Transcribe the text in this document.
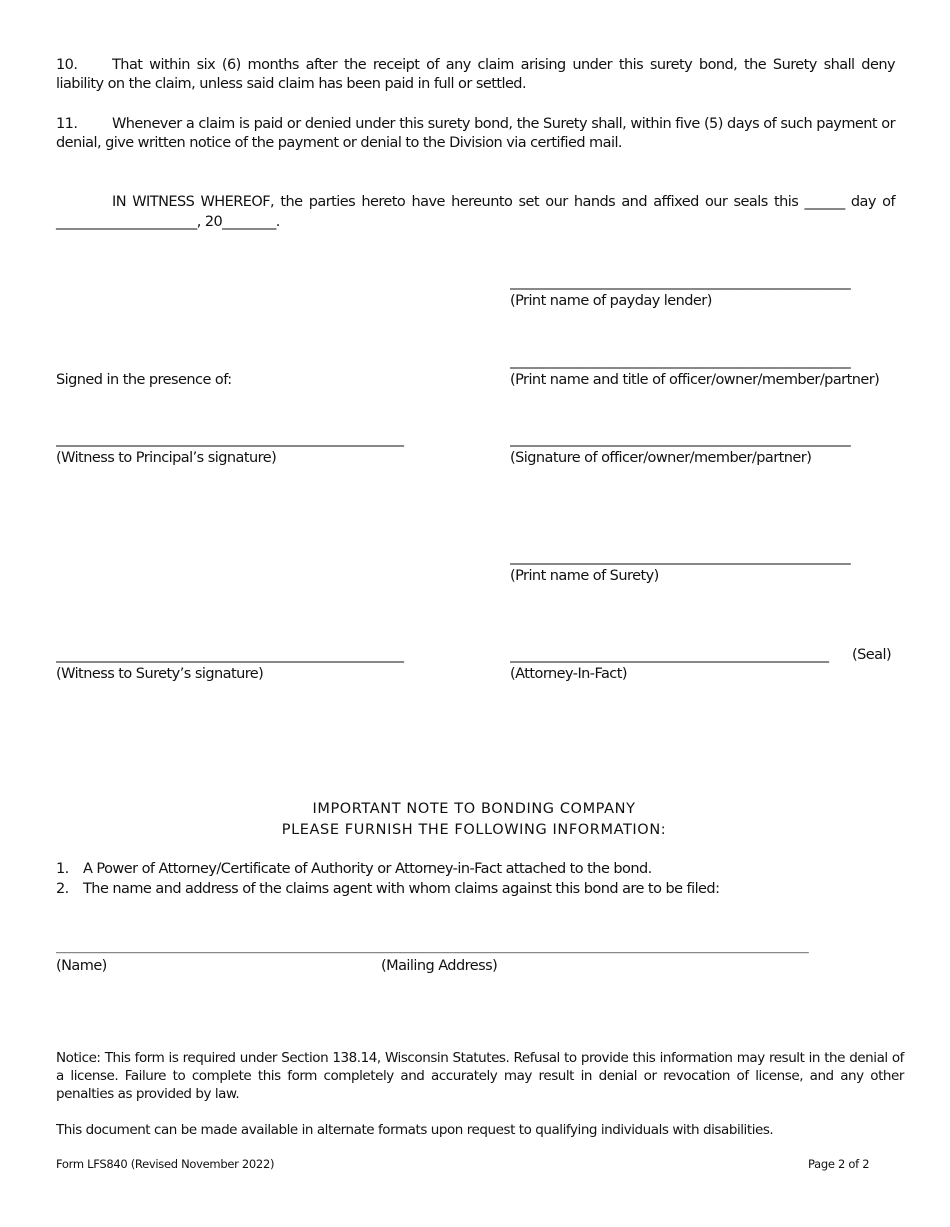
10. That within six (6) months after the receipt of any claim arising under this surety bond, the Surety shall deny liability on the claim, unless said claim has been paid in full or settled.
11. Whenever a claim is paid or denied under this surety bond, the Surety shall, within five (5) days of such payment or denial, give written notice of the payment or denial to the Division via certified mail.
IN WITNESS WHEREOF, the parties hereto have hereunto set our hands and affixed our seals this ______ day of
_____________________, 20________.
_______________________________________________
(Print name of payday lender)
_______________________________________________
(Print name and title of officer/owner/member/partner)
Signed in the presence of:
________________________________________________
(Witness to Principal’s signature)
_______________________________________________
(Signature of officer/owner/member/partner)
_______________________________________________
(Print name of Surety)
________________________________________________
(Witness to Surety’s signature)
____________________________________________	(Seal)
(Attorney-In-Fact)
IMPORTANT NOTE TO BONDING COMPANY
PLEASE FURNISH THE FOLLOWING INFORMATION:
1. A Power of Attorney/Certificate of Authority or Attorney-in-Fact attached to the bond.
2. The name and address of the claims agent with whom claims against this bond are to be filed:
_______________________________________________________________________________________________________________________________________________________________________________
(Name)	(Mailing Address)
Notice: This form is required under Section 138.14, Wisconsin Statutes. Refusal to provide this information may result in the denial of a license. Failure to complete this form completely and accurately may result in denial or revocation of license, and any other penalties as provided by law.
This document can be made available in alternate formats upon request to qualifying individuals with disabilities.
Form LFS840 (Revised November 2022)	Page 2 of 2
